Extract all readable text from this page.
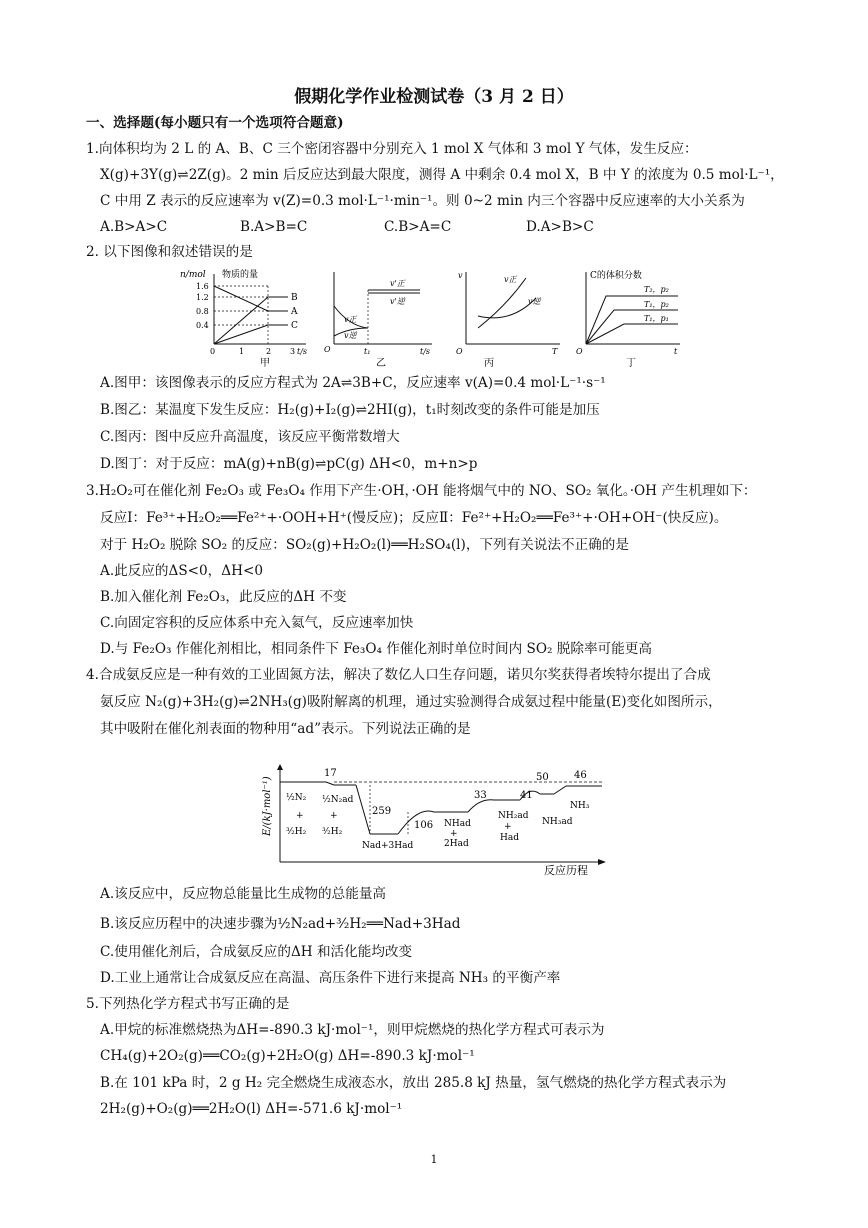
假期化学作业检测试卷（3 月 2 日）
一、选择题(每小题只有一个选项符合题意)
1.向体积均为 2 L 的 A、B、C 三个密闭容器中分别充入 1 mol X 气体和 3 mol Y 气体，发生反应：
X(g)+3Y(g)⇌2Z(g)。2 min 后反应达到最大限度，测得 A 中剩余 0.4 mol X，B 中 Y 的浓度为 0.5 mol·L⁻¹，
C 中用 Z 表示的反应速率为 v(Z)=0.3 mol·L⁻¹·min⁻¹。则 0~2 min 内三个容器中反应速率的大小关系为
A.B>A>C	B.A>B=C	C.B>A=C	D.A>B>C
2. 以下图像和叙述错误的是
n/mol 物质的量
1.6
1.2
0.8
0.4
0	1	2 3 t/s
B
A
C
甲
v'正
v'逆
v正
v逆
O	t₁	t/s
乙
v	v正
v逆
O	T
丙
C的体积分数
T₂，p₂
T₁，p₂
T₁，p₁
O	t
丁
A.图甲：该图像表示的反应方程式为 2A⇌3B+C，反应速率 v(A)=0.4 mol·L⁻¹·s⁻¹
B.图乙：某温度下发生反应：H₂(g)+I₂(g)⇌2HI(g)，t₁时刻改变的条件可能是加压
C.图丙：图中反应升高温度，该反应平衡常数增大
D.图丁：对于反应：mA(g)+nB(g)⇌pC(g) ΔH<0，m+n>p
3.H₂O₂可在催化剂 Fe₂O₃ 或 Fe₃O₄ 作用下产生·OH，·OH 能将烟气中的 NO、SO₂ 氧化。·OH 产生机理如下：
反应Ⅰ：Fe³⁺+H₂O₂══Fe²⁺+·OOH+H⁺(慢反应)；反应Ⅱ：Fe²⁺+H₂O₂══Fe³⁺+·OH+OH⁻(快反应)。
对于 H₂O₂ 脱除 SO₂ 的反应：SO₂(g)+H₂O₂(l)══H₂SO₄(l)，下列有关说法不正确的是
A.此反应的ΔS<0，ΔH<0
B.加入催化剂 Fe₂O₃，此反应的ΔH 不变
C.向固定容积的反应体系中充入氦气，反应速率加快
D.与 Fe₂O₃ 作催化剂相比，相同条件下 Fe₃O₄ 作催化剂时单位时间内 SO₂ 脱除率可能更高
4.合成氨反应是一种有效的工业固氮方法，解决了数亿人口生存问题，诺贝尔奖获得者埃特尔提出了合成
氨反应 N₂(g)+3H₂(g)⇌2NH₃(g)吸附解离的机理，通过实验测得合成氨过程中能量(E)变化如图所示，
其中吸附在催化剂表面的物种用“ad”表示。下列说法正确的是
E/(kJ·mol⁻¹)
反应历程
17
259
106
33	41
50	46
½N₂
+
³⁄₂H₂
½N₂ad
+
³⁄₂H₂
Nad+3Had
NHad
+
2Had
NH₂ad
+
Had
NH₃ad
NH₃
A.该反应中，反应物总能量比生成物的总能量高
B.该反应历程中的决速步骤为½N₂ad+³⁄₂H₂══Nad+3Had
C.使用催化剂后，合成氨反应的ΔH 和活化能均改变
D.工业上通常让合成氨反应在高温、高压条件下进行来提高 NH₃ 的平衡产率
5.下列热化学方程式书写正确的是
A.甲烷的标准燃烧热为ΔH=-890.3 kJ·mol⁻¹，则甲烷燃烧的热化学方程式可表示为
CH₄(g)+2O₂(g)══CO₂(g)+2H₂O(g) ΔH=-890.3 kJ·mol⁻¹
B.在 101 kPa 时，2 g H₂ 完全燃烧生成液态水，放出 285.8 kJ 热量，氢气燃烧的热化学方程式表示为
2H₂(g)+O₂(g)══2H₂O(l) ΔH=-571.6 kJ·mol⁻¹
1
